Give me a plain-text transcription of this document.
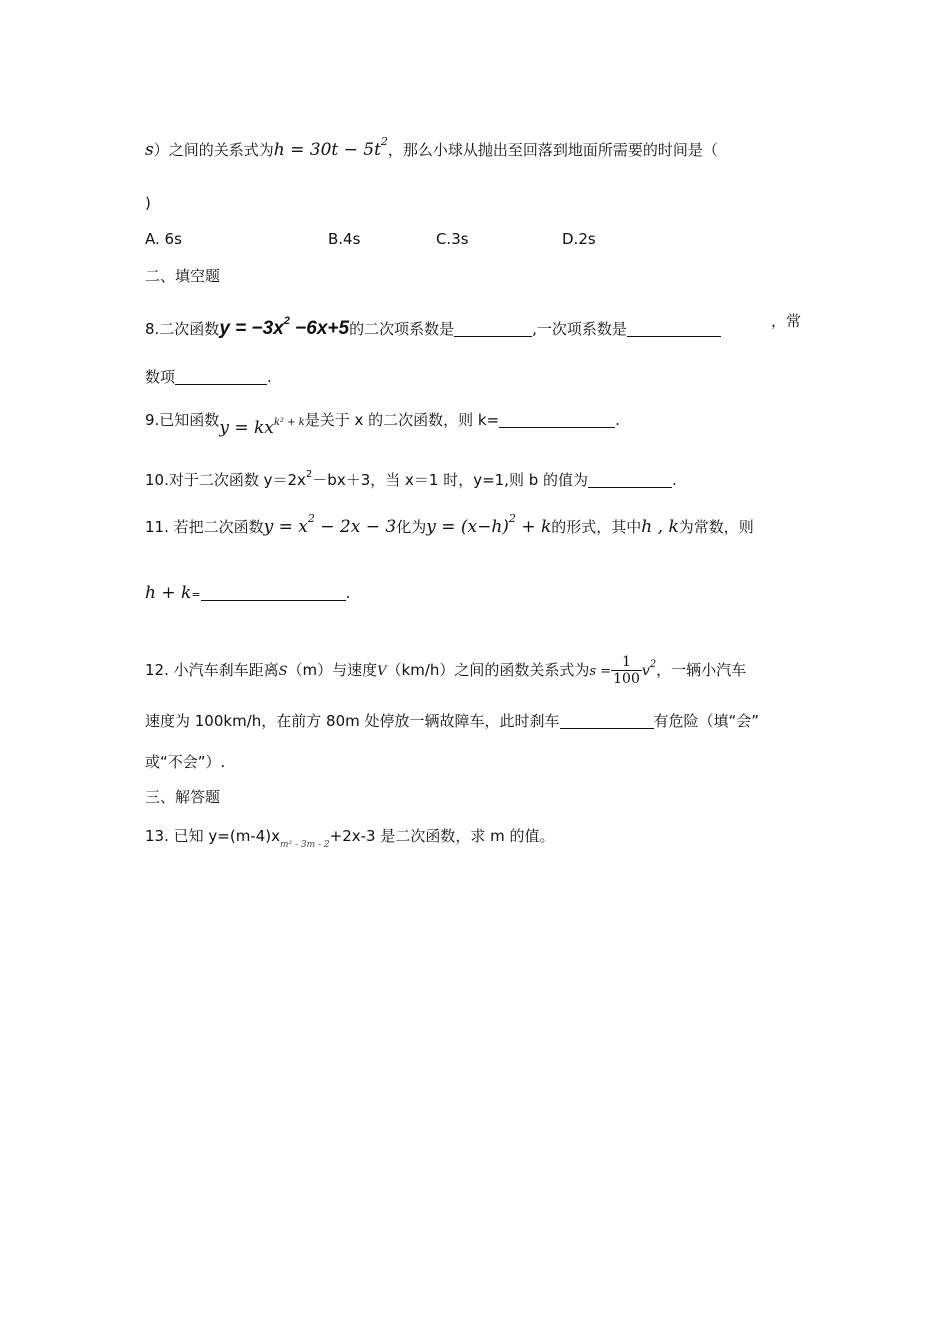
s）之间的关系式为$h = 30t - 5t^2$，那么小球从抛出至回落到地面所需要的时间是（
)
A. 6s	B.4s	C.3s	D.2s
二、填空题
8.二次函数$y = -3x^2 -6x+5$的二次项系数是	,一次项系数是	，常
数项	.
9.已知函数$y = kx^{k^2 + k}$是关于 x 的二次函数，则 k=	.
10.对于二次函数 $y=2x^2-bx+3$，当 x＝1 时，y=1,则 b 的值为	.
11. 若把二次函数$y = x^2 - 2x - 3$化为$y = (x-h)^2 + k$的形式，其中h , k为常数，则
h + k=	.
12. 小汽车刹车距离S（m）与速度V（km/h）之间的函数关系式为$s = \frac{1}{100} v^2$，一辆小汽车
速度为 100km/h，在前方 80m 处停放一辆故障车，此时刹车	有危险（填“会”
或“不会”）.
三、解答题
13. 已知 $y=(m-4)x_{m^2 - 3m - 2}+2x-3$ 是二次函数，求 m 的值。
